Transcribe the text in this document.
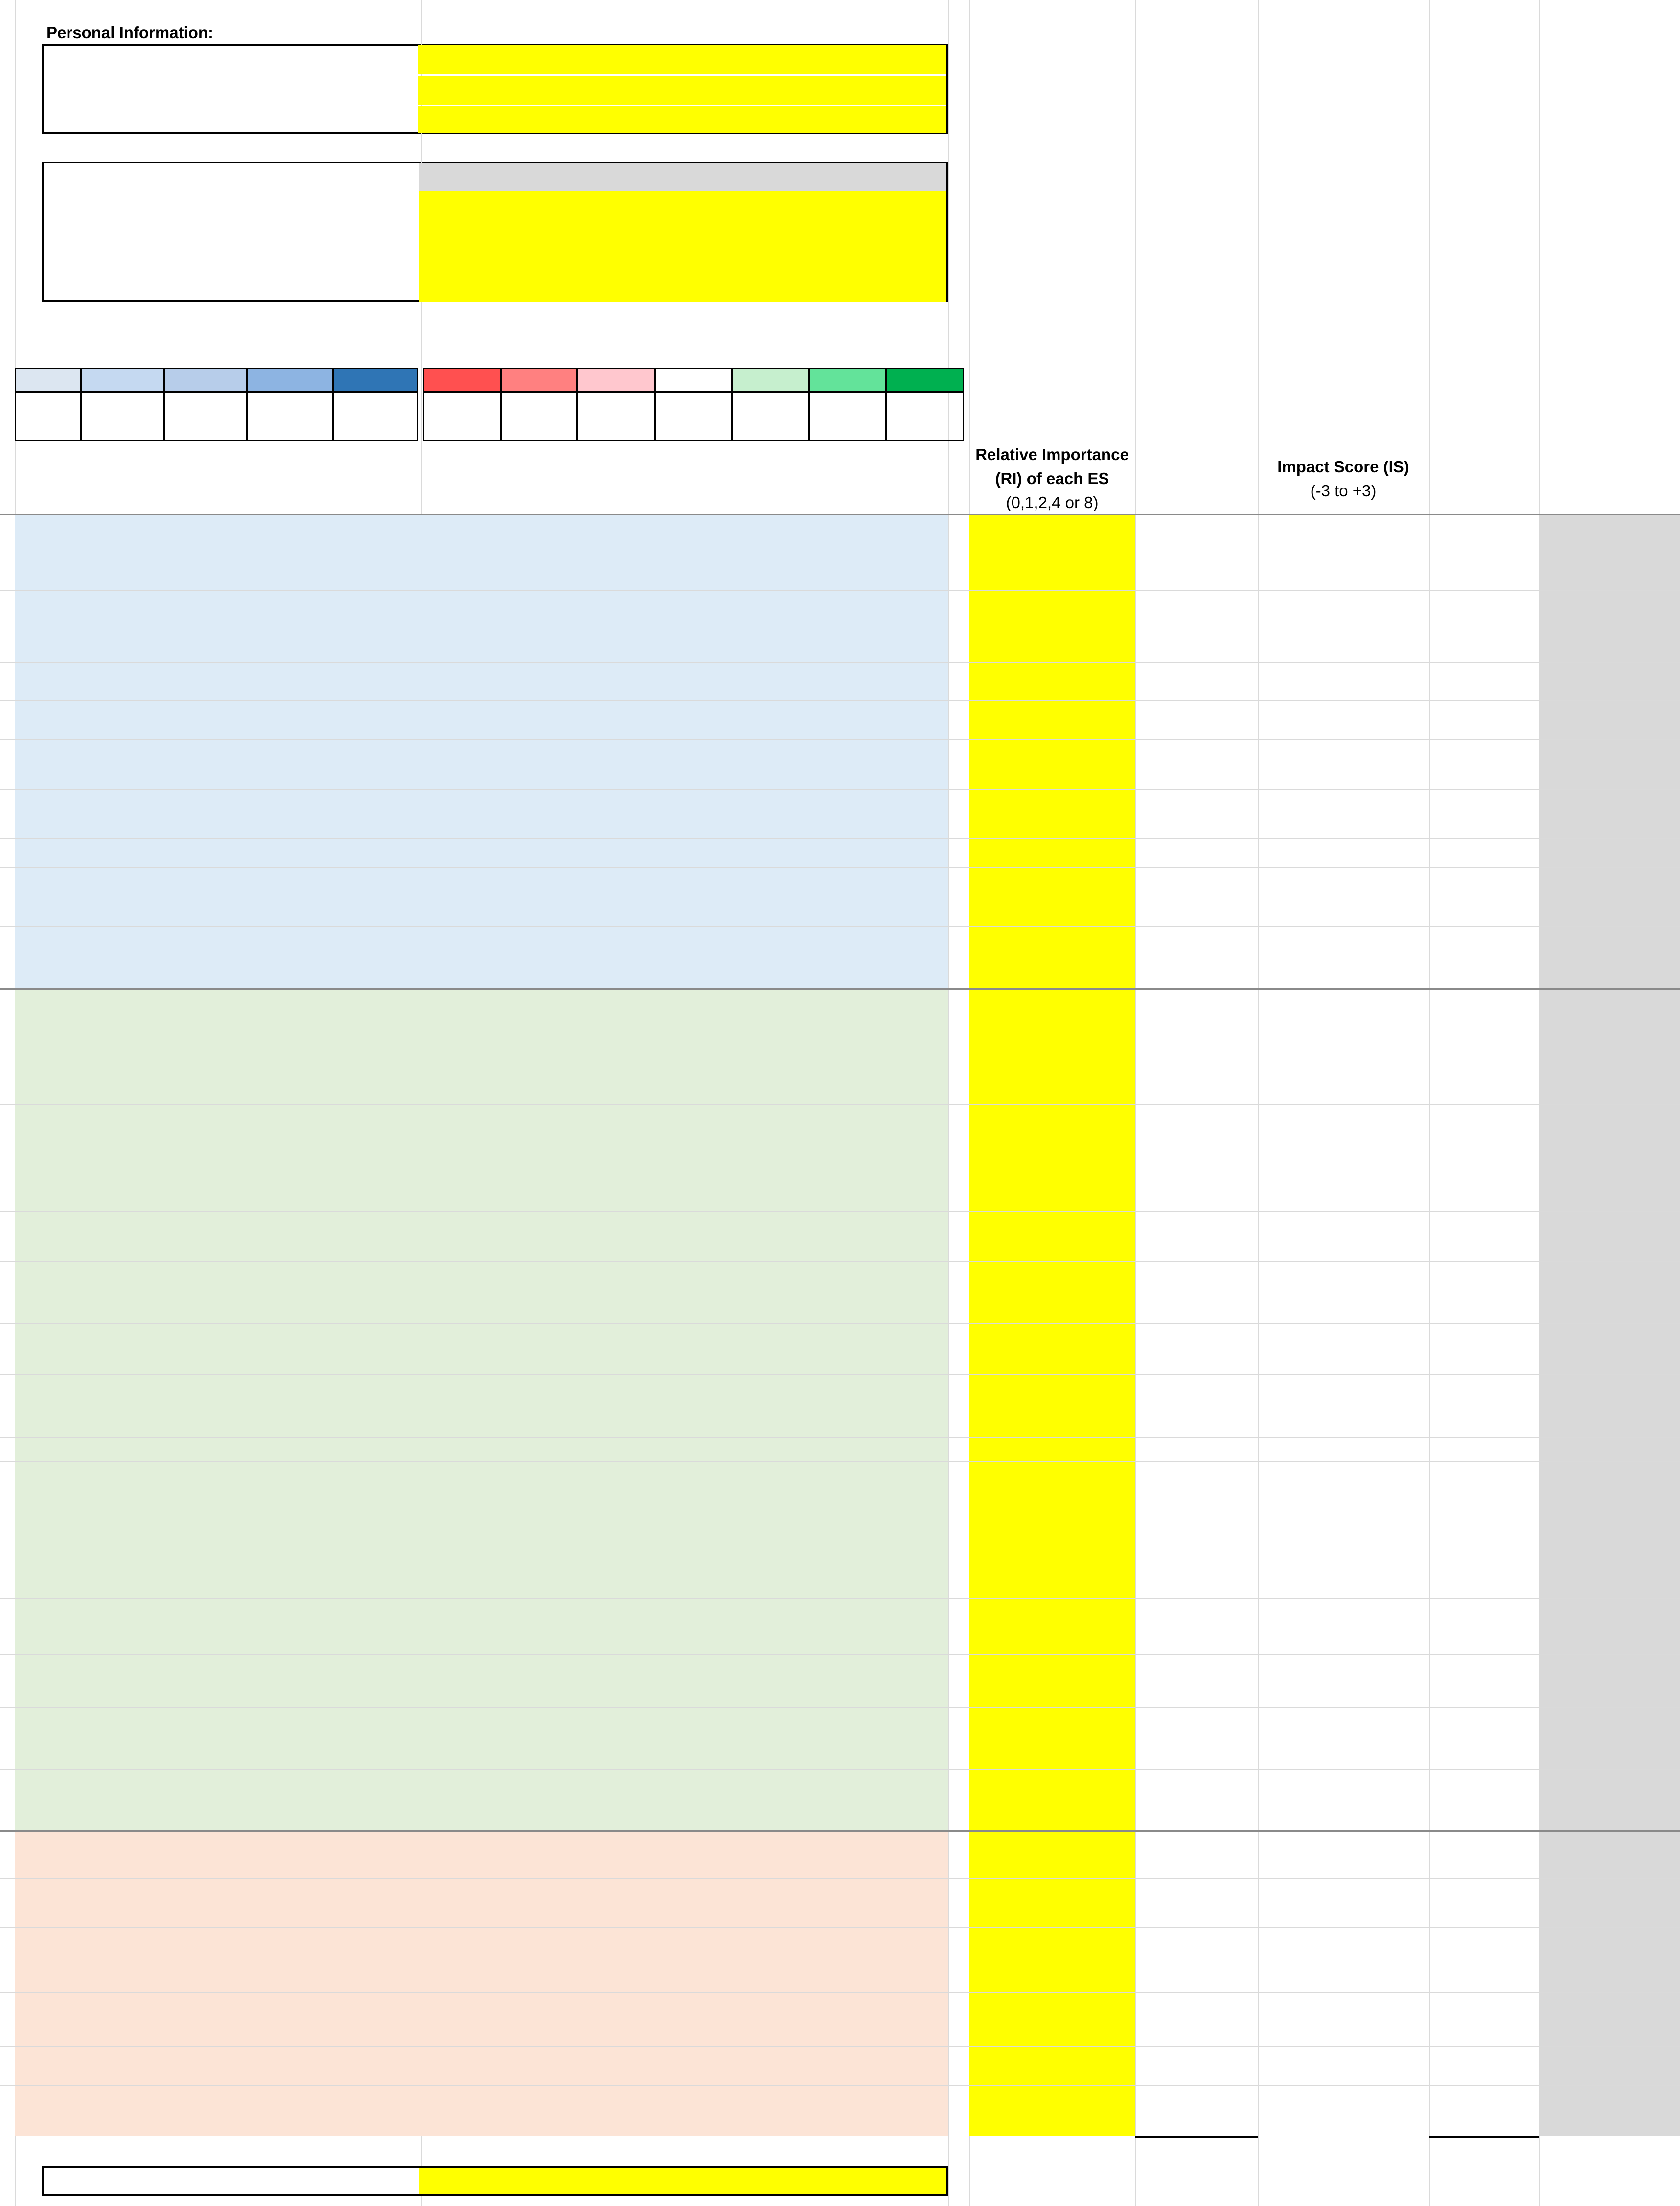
Personal Information:
Relative Importance (RI) of each ES
(0,1,2,4 or 8)
Impact Score (IS)
(-3 to +3)
